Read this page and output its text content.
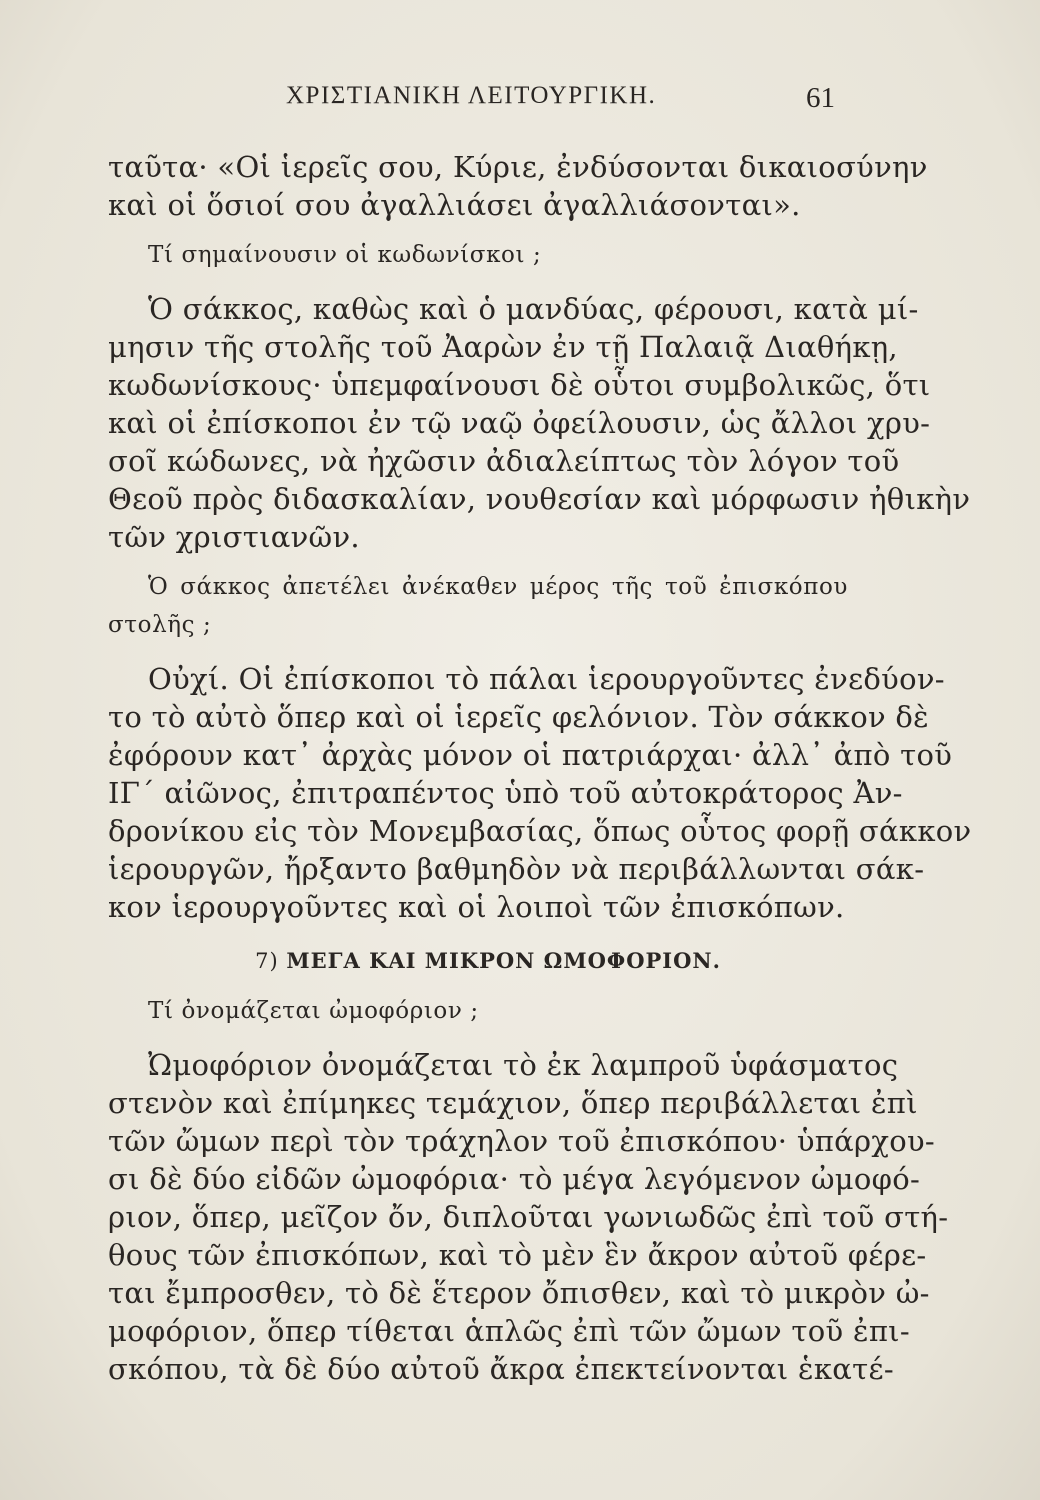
ΧΡΙΣΤΙΑΝΙΚΗ ΛΕΙΤΟΥΡΓΙΚΗ.	61
ταῦτα· «Οἱ ἱερεῖς σου, Κύριε, ἐνδύσονται δικαιοσύνην
καὶ οἱ ὅσιοί σου ἀγαλλιάσει ἀγαλλιάσονται».
Τί σημαίνουσιν οἱ κωδωνίσκοι ;
Ὁ σάκκος, καθὼς καὶ ὁ μανδύας, φέρουσι, κατὰ μί-
μησιν τῆς στολῆς τοῦ Ἀαρὼν ἐν τῇ Παλαιᾷ Διαθήκῃ,
κωδωνίσκους· ὑπεμφαίνουσι δὲ οὗτοι συμβολικῶς, ὅτι
καὶ οἱ ἐπίσκοποι ἐν τῷ ναῷ ὀφείλουσιν, ὡς ἄλλοι χρυ-
σοῖ κώδωνες, νὰ ἠχῶσιν ἀδιαλείπτως τὸν λόγον τοῦ
Θεοῦ πρὸς διδασκαλίαν, νουθεσίαν καὶ μόρφωσιν ἠθικὴν
τῶν χριστιανῶν.
Ὁ σάκκος ἀπετέλει ἀνέκαθεν μέρος τῆς τοῦ ἐπισκόπου
στολῆς ;
Οὐχί. Οἱ ἐπίσκοποι τὸ πάλαι ἱερουργοῦντες ἐνεδύον-
το τὸ αὐτὸ ὅπερ καὶ οἱ ἱερεῖς φελόνιον. Τὸν σάκκον δὲ
ἐφόρουν κατ᾽ ἀρχὰς μόνον οἱ πατριάρχαι· ἀλλ᾽ ἀπὸ τοῦ
ΙΓ´ αἰῶνος, ἐπιτραπέντος ὑπὸ τοῦ αὐτοκράτορος Ἀν-
δρονίκου εἰς τὸν Μονεμβασίας, ὅπως οὗτος φορῇ σάκκον
ἱερουργῶν, ἤρξαντο βαθμηδὸν νὰ περιβάλλωνται σάκ-
κον ἱερουργοῦντες καὶ οἱ λοιποὶ τῶν ἐπισκόπων.
7) ΜΕΓΑ ΚΑΙ ΜΙΚΡΟΝ ΩΜΟΦΟΡΙΟΝ.
Τί ὀνομάζεται ὠμοφόριον ;
Ὠμοφόριον ὀνομάζεται τὸ ἐκ λαμπροῦ ὑφάσματος
στενὸν καὶ ἐπίμηκες τεμάχιον, ὅπερ περιβάλλεται ἐπὶ
τῶν ὤμων περὶ τὸν τράχηλον τοῦ ἐπισκόπου· ὑπάρχου-
σι δὲ δύο εἰδῶν ὠμοφόρια· τὸ μέγα λεγόμενον ὠμοφό-
ριον, ὅπερ, μεῖζον ὄν, διπλοῦται γωνιωδῶς ἐπὶ τοῦ στή-
θους τῶν ἐπισκόπων, καὶ τὸ μὲν ἓν ἄκρον αὐτοῦ φέρε-
ται ἔμπροσθεν, τὸ δὲ ἕτερον ὄπισθεν, καὶ τὸ μικρὸν ὠ-
μοφόριον, ὅπερ τίθεται ἁπλῶς ἐπὶ τῶν ὤμων τοῦ ἐπι-
σκόπου, τὰ δὲ δύο αὐτοῦ ἄκρα ἐπεκτείνονται ἑκατέ-
